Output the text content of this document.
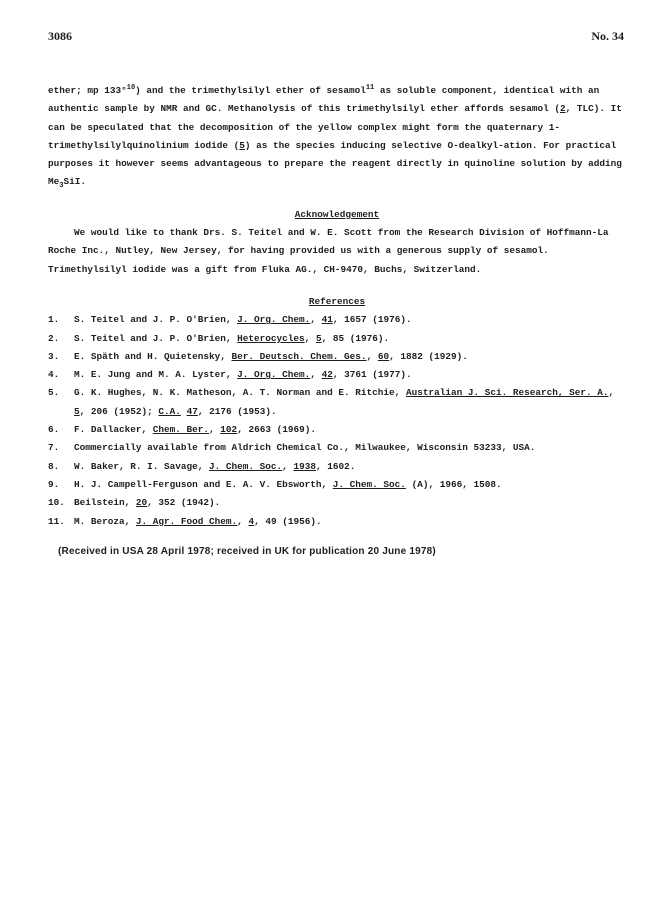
3086	No. 34

ether; mp 133°$^{10}$) and the trimethylsilyl ether of sesamol$^{11}$ as soluble component, identical with an authentic sample by NMR and GC. Methanolysis of this trimethylsilyl ether affords sesamol (2, TLC). It can be speculated that the decomposition of the yellow complex might form the quaternary 1-trimethylsilylquinolinium iodide (5) as the species inducing selective O-dealkyl-ation. For practical purposes it however seems advantageous to prepare the reagent directly in quinoline solution by adding $Me_3SiI$.

Acknowledgement

We would like to thank Drs. S. Teitel and W. E. Scott from the Research Division of Hoffmann-La Roche Inc., Nutley, New Jersey, for having provided us with a generous supply of sesamol. Trimethylsilyl iodide was a gift from Fluka AG., CH-9470, Buchs, Switzerland.

References

1.	S. Teitel and J. P. O'Brien, J. Org. Chem., 41, 1657 (1976).
2.	S. Teitel and J. P. O'Brien, Heterocycles, 5, 85 (1976).
3.	E. Späth and H. Quietensky, Ber. Deutsch. Chem. Ges., 60, 1882 (1929).
4.	M. E. Jung and M. A. Lyster, J. Org. Chem., 42, 3761 (1977).
5.	G. K. Hughes, N. K. Matheson, A. T. Norman and E. Ritchie, Australian J. Sci. Research, Ser. A., 5, 206 (1952); C.A. 47, 2176 (1953).
6.	F. Dallacker, Chem. Ber., 102, 2663 (1969).
7.	Commercially available from Aldrich Chemical Co., Milwaukee, Wisconsin 53233, USA.
8.	W. Baker, R. I. Savage, J. Chem. Soc., 1938, 1602.
9.	H. J. Campell-Ferguson and E. A. V. Ebsworth, J. Chem. Soc. (A), 1966, 1508.
10. Beilstein, 20, 352 (1942).
11. M. Beroza, J. Agr. Food Chem., 4, 49 (1956).
(Received in USA 28 April 1978; received in UK for publication 20 June 1978)
